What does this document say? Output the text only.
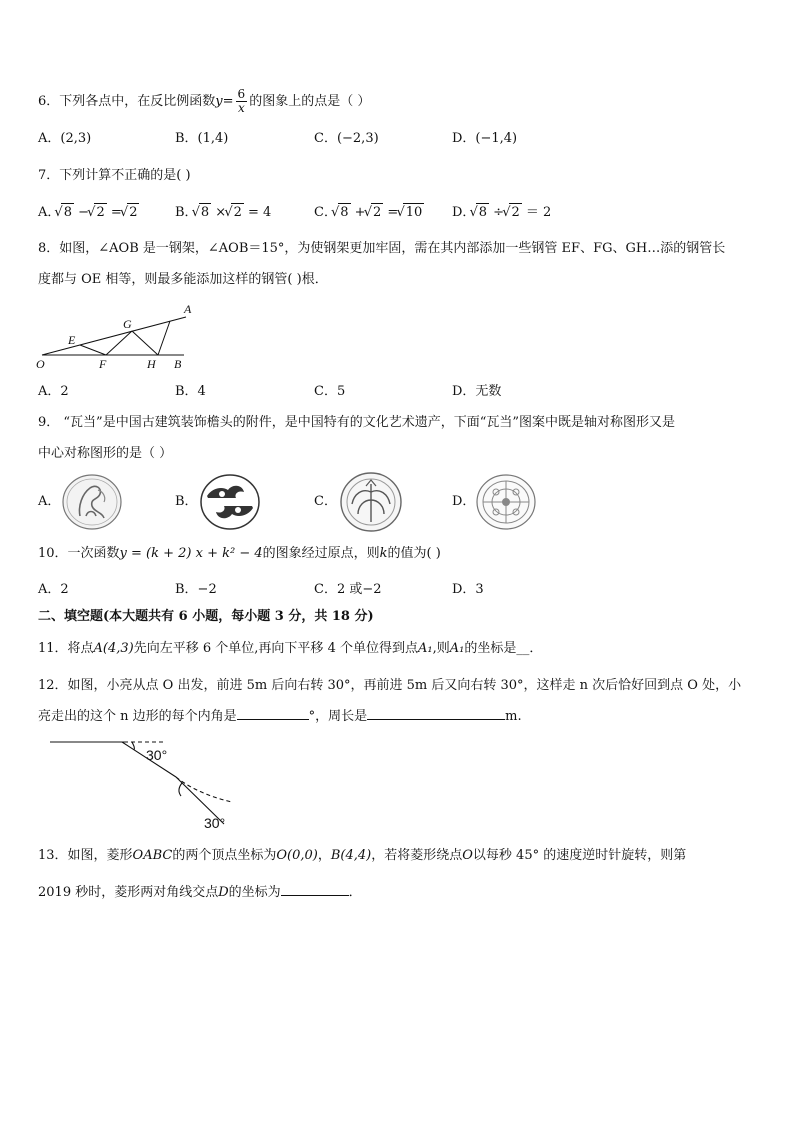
6．下列各点中，在反比例函数$y= \frac{6}{x}$ 的图象上的点是（ ）
A．(2,3)	B．(1,4)	C．(−2,3)	D．(−1,4)
7．下列计算不正确的是( )
A． √ 8 − √ 2 = √ 2	B． √ 8 × √ 2 = 4	C． √ 8 + √ 2 = √ 10 D． √ 8 ÷ √ 2 ＝ 2
8．如图，∠AOB 是一钢架，∠AOB＝15°，为使钢架更加牢固，需在其内部添加一些钢管 EF、FG、GH…添的钢管长
度都与 OE 相等，则最多能添加这样的钢管( )根．
A
G
E
O	F	H B
A．2	B．4	C．5	D．无数
9． “瓦当”是中国古建筑装饰檐头的附件，是中国特有的文化艺术遗产，下面“瓦当”图案中既是轴对称图形又是
中心对称图形的是（ ）
A．	B．	C．	D．
10．一次函数y = (k + 2) x + k² − 4的图象经过原点，则k的值为( )
A．2	B．−2	C．2 或−2	D．3
二、填空题(本大题共有 6 小题，每小题 3 分，共 18 分)
11．将点A(4,3)先向左平移 6 个单位,再向下平移 4 个单位得到点A₁,则A₁的坐标是__．
12．如图，小亮从点 O 出发，前进 5m 后向右转 30°，再前进 5m 后又向右转 30°，这样走 n 次后恰好回到点 O 处，小
亮走出的这个 n 边形的每个内角是	°，周长是	m.
30°
30°
13．如图，菱形OABC的两个顶点坐标为O(0,0)，B(4,4)，若将菱形绕点O以每秒 45° 的速度逆时针旋转，则第
2019 秒时，菱形两对角线交点D的坐标为	．
